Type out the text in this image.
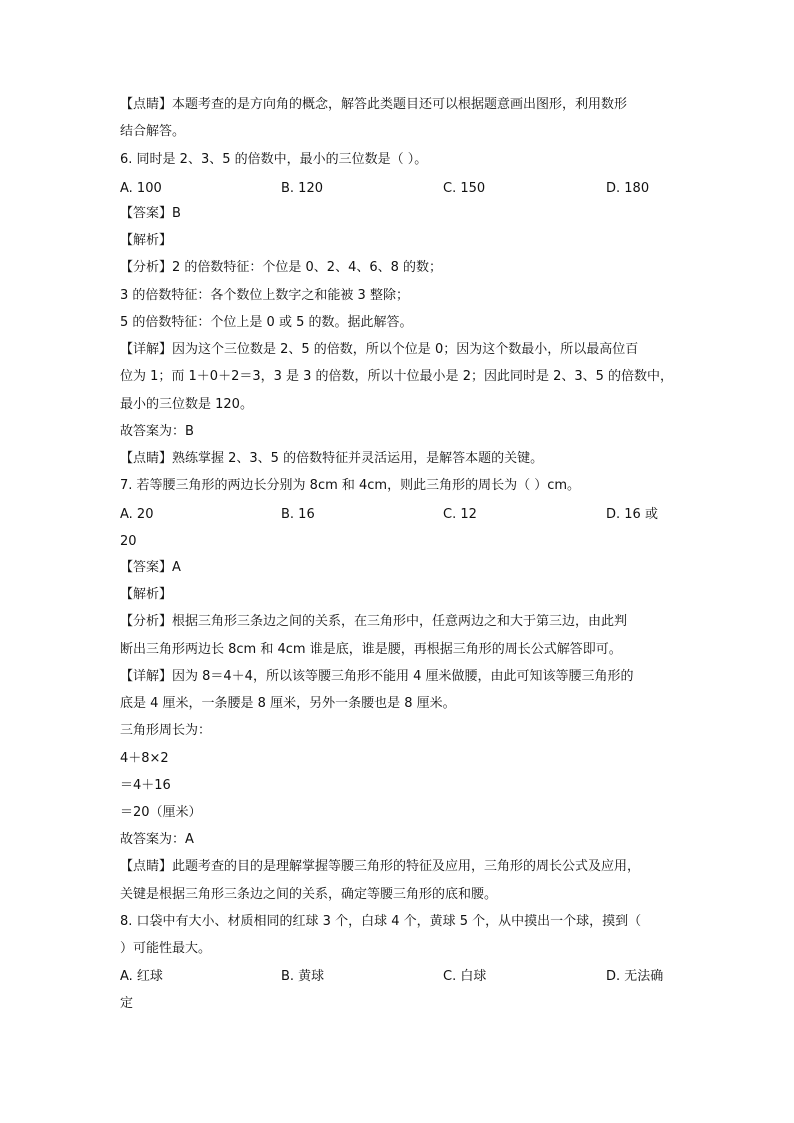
【点睛】本题考查的是方向角的概念，解答此类题目还可以根据题意画出图形，利用数形
结合解答。
6. 同时是 2、3、5 的倍数中，最小的三位数是（ ）。
A. 100	B. 120	C. 150	D. 180
【答案】B
【解析】
【分析】2 的倍数特征：个位是 0、2、4、6、8 的数；
3 的倍数特征：各个数位上数字之和能被 3 整除；
5 的倍数特征：个位上是 0 或 5 的数。据此解答。
【详解】因为这个三位数是 2、5 的倍数，所以个位是 0；因为这个数最小，所以最高位百
位为 1；而 1＋0＋2＝3，3 是 3 的倍数，所以十位最小是 2；因此同时是 2、3、5 的倍数中，
最小的三位数是 120。
故答案为：B
【点睛】熟练掌握 2、3、5 的倍数特征并灵活运用，是解答本题的关键。
7. 若等腰三角形的两边长分别为 8cm 和 4cm，则此三角形的周长为（ ）cm。
A. 20	B. 16	C. 12	D. 16 或
20
【答案】A
【解析】
【分析】根据三角形三条边之间的关系，在三角形中，任意两边之和大于第三边，由此判
断出三角形两边长 8cm 和 4cm 谁是底，谁是腰，再根据三角形的周长公式解答即可。
【详解】因为 8＝4＋4，所以该等腰三角形不能用 4 厘米做腰，由此可知该等腰三角形的
底是 4 厘米，一条腰是 8 厘米，另外一条腰也是 8 厘米。
三角形周长为：
4＋8×2
＝4＋16
＝20（厘米）
故答案为：A
【点睛】此题考查的目的是理解掌握等腰三角形的特征及应用，三角形的周长公式及应用，
关键是根据三角形三条边之间的关系，确定等腰三角形的底和腰。
8. 口袋中有大小、材质相同的红球 3 个，白球 4 个，黄球 5 个，从中摸出一个球，摸到（
）可能性最大。
A. 红球	B. 黄球	C. 白球	D. 无法确
定
